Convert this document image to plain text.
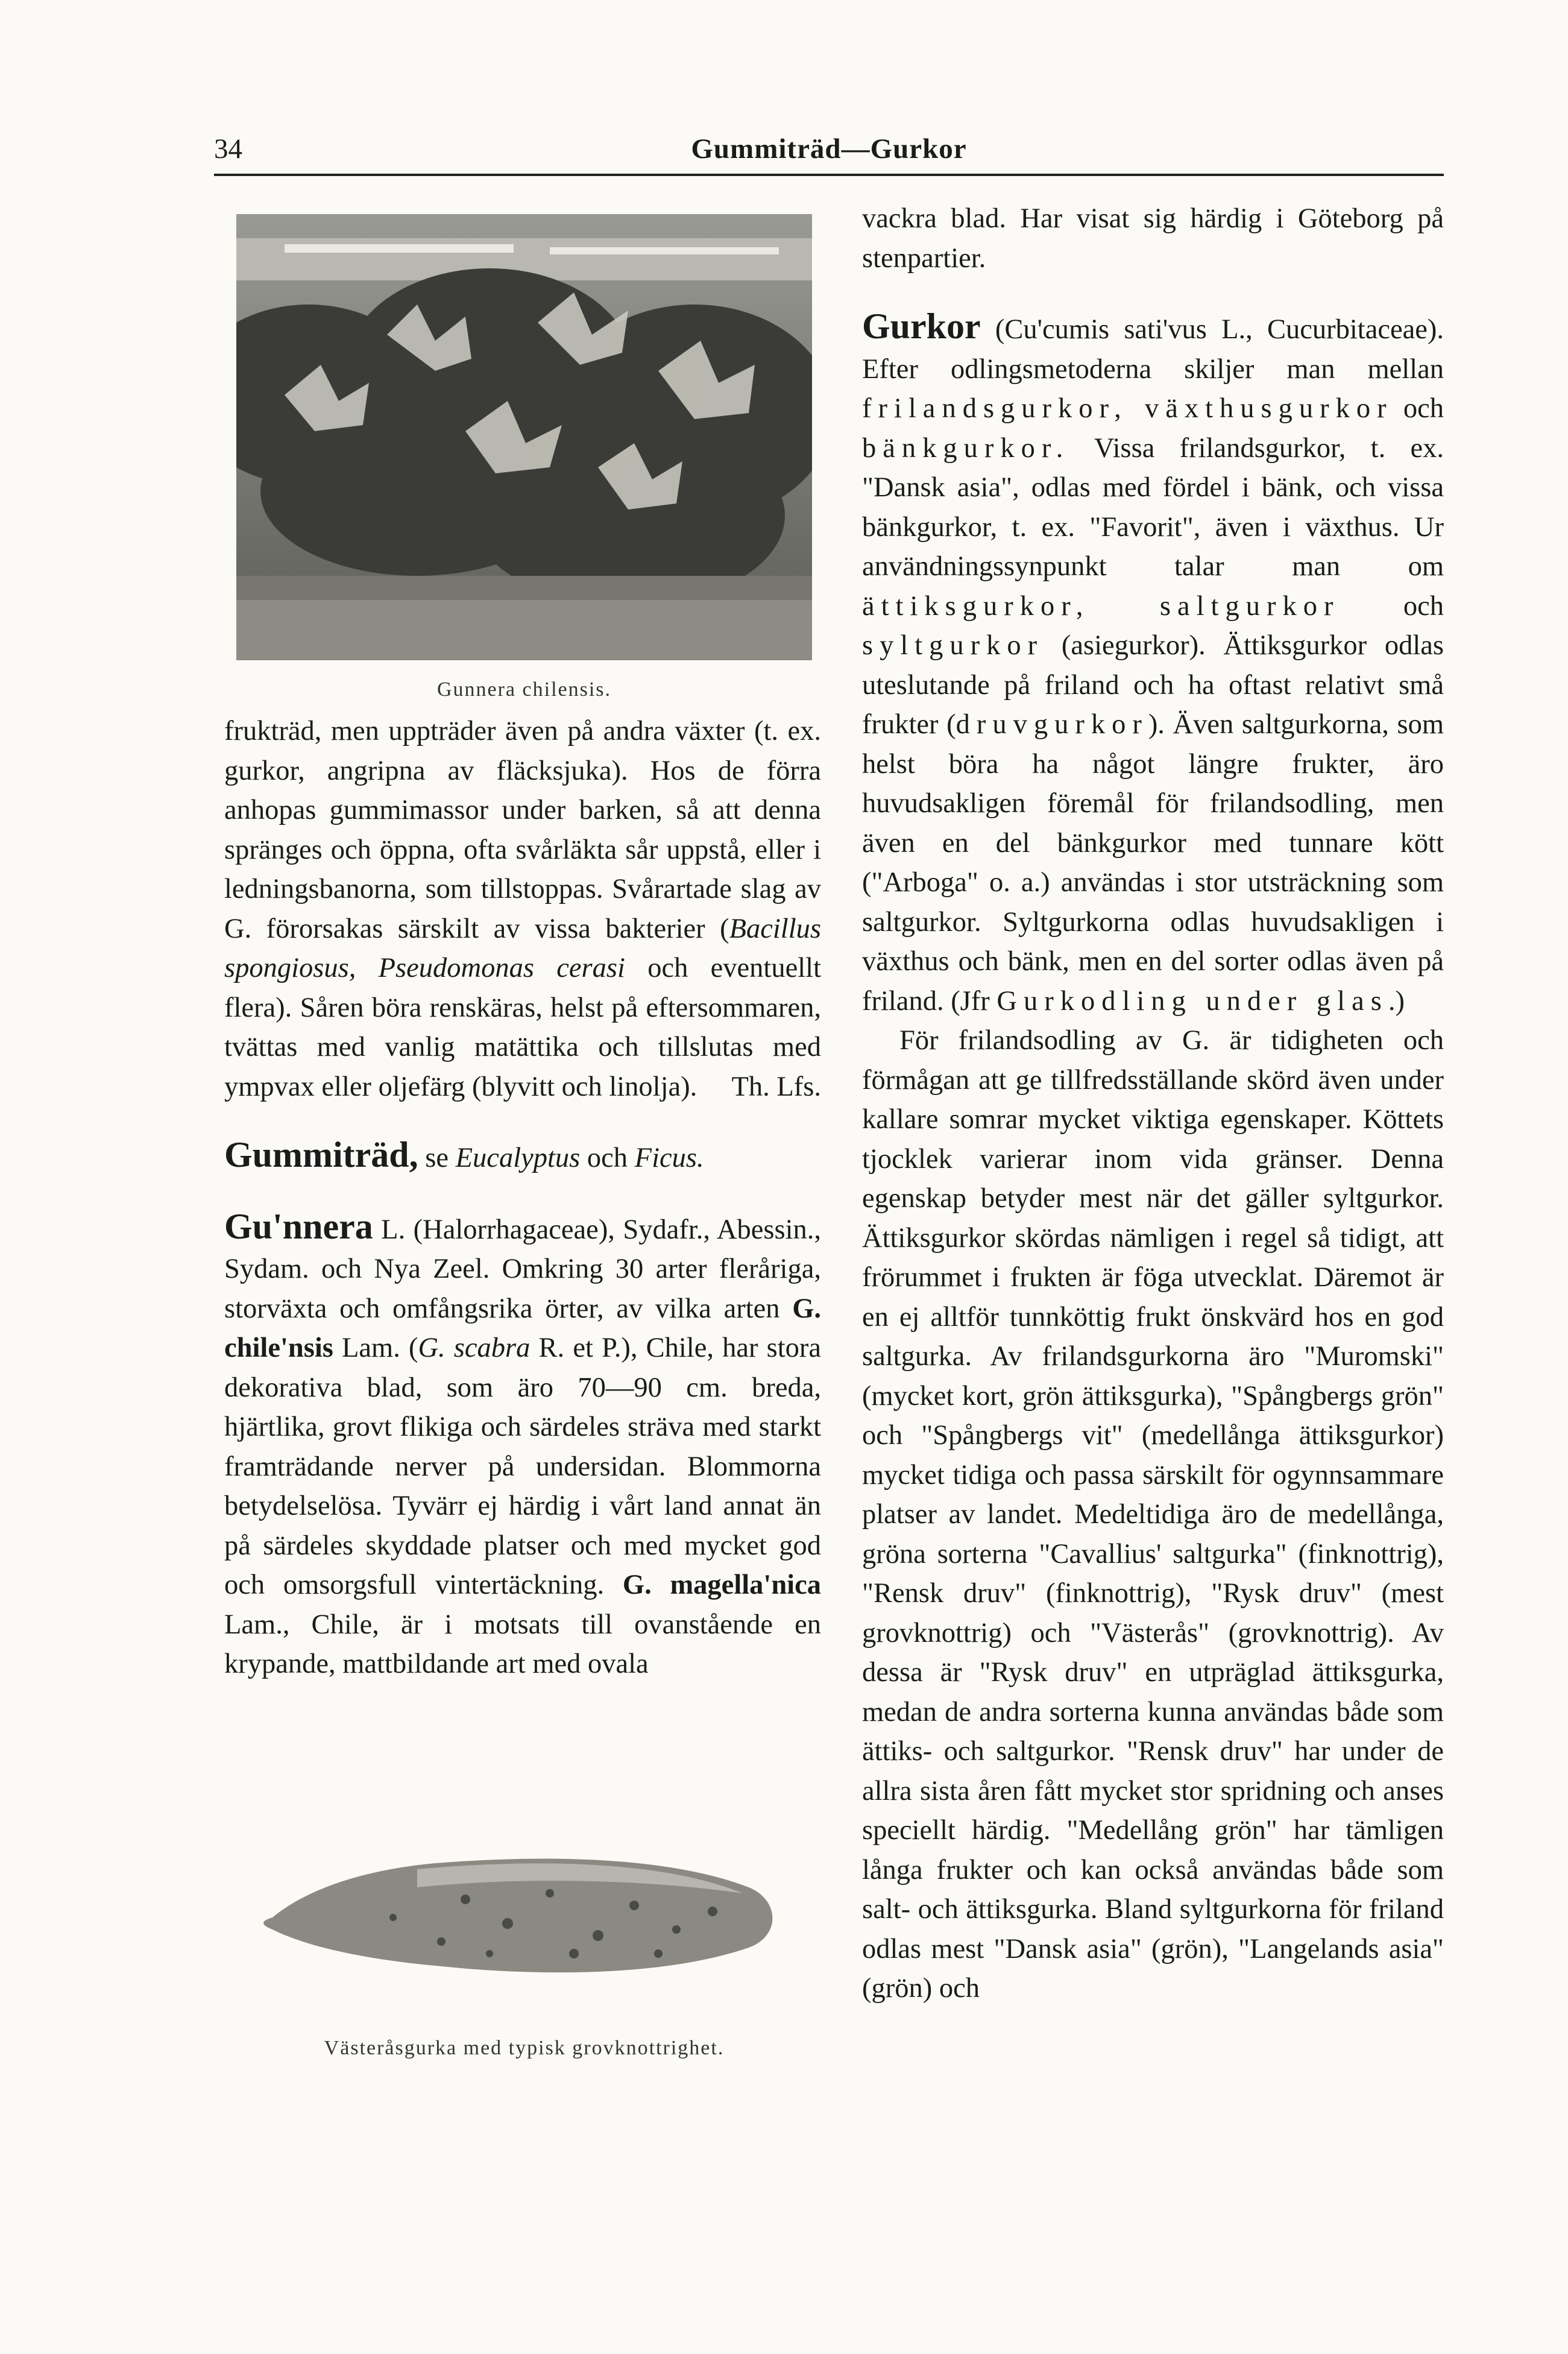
34	Gummiträd—Gurkor
Gunnera chilensis.

frukträd, men uppträder även på andra växter (t. ex. gurkor, angripna av fläcksjuka). Hos de förra anhopas gummimassor under barken, så att denna spränges och öppna, ofta svårläkta sår uppstå, eller i ledningsbanorna, som tillstoppas. Svårartade slag av G. förorsakas särskilt av vissa bakterier (Bacillus spongiosus, Pseudomonas cerasi och eventuellt flera). Såren böra renskäras, helst på eftersommaren, tvättas med vanlig matättika och tillslutas med ympvax eller oljefärg (blyvitt och linolja). Th. Lfs.

Gummiträd, se Eucalyptus och Ficus.

Gu'nnera L. (Halorrhagaceae), Sydafr., Abessin., Sydam. och Nya Zeel. Omkring 30 arter fleråriga, storväxta och omfångsrika örter, av vilka arten G. chile'nsis Lam. (G. scabra R. et P.), Chile, har stora dekorativa blad, som äro 70—90 cm. breda, hjärtlika, grovt flikiga och särdeles sträva med starkt framträdande nerver på undersidan. Blommorna betydelselösa. Tyvärr ej härdig i vårt land annat än på särdeles skyddade platser och med mycket god och omsorgsfull vintertäckning. G. magella'nica Lam., Chile, är i motsats till ovanstående en krypande, mattbildande art med ovala

Västeråsgurka med typisk grovknottrighet.

vackra blad. Har visat sig härdig i Göteborg på stenpartier.

Gurkor (Cu'cumis sati'vus L., Cucurbitaceae). Efter odlingsmetoderna skiljer man mellan frilandsgurkor, växthusgurkor och bänkgurkor. Vissa frilandsgurkor, t. ex. "Dansk asia", odlas med fördel i bänk, och vissa bänkgurkor, t. ex. "Favorit", även i växthus. Ur användningssynpunkt talar man om ättiksgurkor, saltgurkor och syltgurkor (asiegurkor). Ättiksgurkor odlas uteslutande på friland och ha oftast relativt små frukter (druvgurkor). Även saltgurkorna, som helst böra ha något längre frukter, äro huvudsakligen föremål för frilandsodling, men även en del bänkgurkor med tunnare kött ("Arboga" o. a.) användas i stor utsträckning som saltgurkor. Syltgurkorna odlas huvudsakligen i växthus och bänk, men en del sorter odlas även på friland. (Jfr Gurkodling under glas.)

För frilandsodling av G. är tidigheten och förmågan att ge tillfredsställande skörd även under kallare somrar mycket viktiga egenskaper. Köttets tjocklek varierar inom vida gränser. Denna egenskap betyder mest när det gäller syltgurkor. Ättiksgurkor skördas nämligen i regel så tidigt, att frörummet i frukten är föga utvecklat. Däremot är en ej alltför tunnköttig frukt önskvärd hos en god saltgurka. Av frilandsgurkorna äro "Muromski" (mycket kort, grön ättiksgurka), "Spångbergs grön" och "Spångbergs vit" (medellånga ättiksgurkor) mycket tidiga och passa särskilt för ogynnsammare platser av landet. Medeltidiga äro de medellånga, gröna sorterna "Cavallius' saltgurka" (finknottrig), "Rensk druv" (finknottrig), "Rysk druv" (mest grovknottrig) och "Västerås" (grovknottrig). Av dessa är "Rysk druv" en utpräglad ättiksgurka, medan de andra sorterna kunna användas både som ättiks- och saltgurkor. "Rensk druv" har under de allra sista åren fått mycket stor spridning och anses speciellt härdig. "Medellång grön" har tämligen långa frukter och kan också användas både som salt- och ättiksgurka. Bland syltgurkorna för friland odlas mest "Dansk asia" (grön), "Langelands asia" (grön) och
